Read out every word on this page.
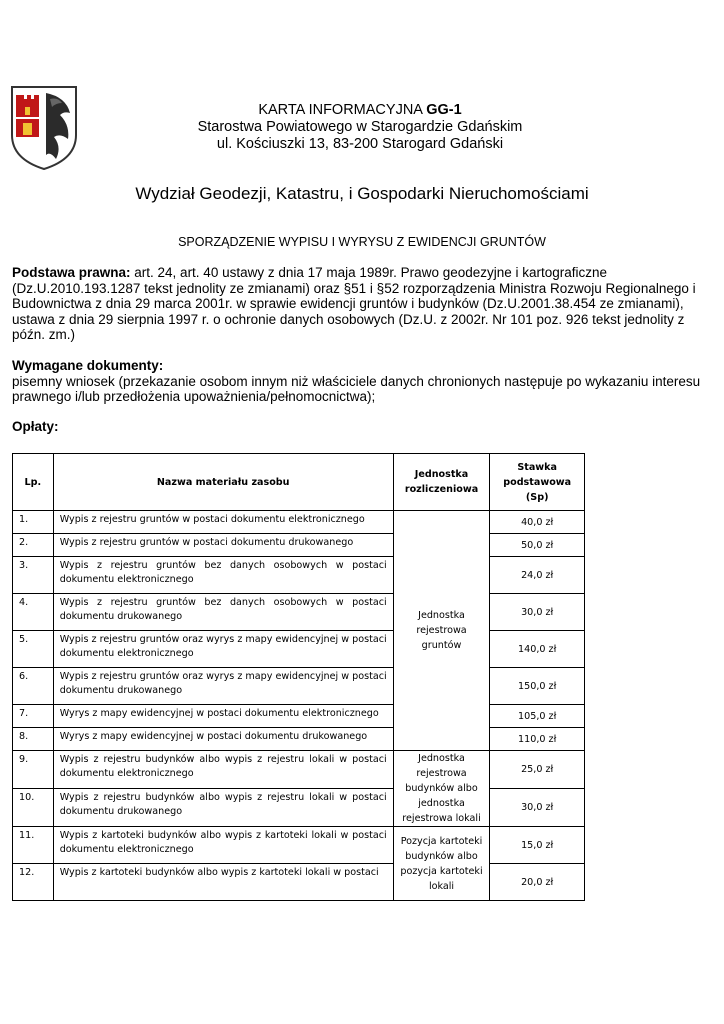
KARTA INFORMACYJNA GG-1
Starostwa Powiatowego w Starogardzie Gdańskim
ul. Kościuszki 13, 83-200 Starogard Gdański
Wydział Geodezji, Katastru, i Gospodarki Nieruchomościami
SPORZĄDZENIE WYPISU I WYRYSU Z EWIDENCJI GRUNTÓW
Podstawa prawna: art. 24, art. 40 ustawy z dnia 17 maja 1989r. Prawo geodezyjne i kartograficzne (Dz.U.2010.193.1287 tekst jednolity ze zmianami) oraz §51 i §52 rozporządzenia Ministra Rozwoju Regionalnego i Budownictwa z dnia 29 marca 2001r. w sprawie ewidencji gruntów i budynków (Dz.U.2001.38.454 ze zmianami), ustawa z dnia 29 sierpnia 1997 r. o ochronie danych osobowych (Dz.U. z 2002r. Nr 101 poz. 926 tekst jednolity z późn. zm.)
Wymagane dokumenty:
pisemny wniosek (przekazanie osobom innym niż właściciele danych chronionych następuje po wykazaniu interesu prawnego i/lub przedłożenia upoważnienia/pełnomocnictwa);
Opłaty:
Lp.	Nazwa materiału zasobu	Jednostka rozliczeniowa	Stawka podstawowa (Sp)
1.	Wypis z rejestru gruntów w postaci dokumentu elektronicznego	Jednostka rejestrowa gruntów	40,0 zł
2.	Wypis z rejestru gruntów w postaci dokumentu drukowanego		50,0 zł
3.	Wypis z rejestru gruntów bez danych osobowych w postaci dokumentu elektronicznego		24,0 zł
4.	Wypis z rejestru gruntów bez danych osobowych w postaci dokumentu drukowanego		30,0 zł
5.	Wypis z rejestru gruntów oraz wyrys z mapy ewidencyjnej w postaci dokumentu elektronicznego		140,0 zł
6.	Wypis z rejestru gruntów oraz wyrys z mapy ewidencyjnej w postaci dokumentu drukowanego		150,0 zł
7.	Wyrys z mapy ewidencyjnej w postaci dokumentu elektronicznego		105,0 zł
8.	Wyrys z mapy ewidencyjnej w postaci dokumentu drukowanego		110,0 zł
9.	Wypis z rejestru budynków albo wypis z rejestru lokali w postaci dokumentu elektronicznego	Jednostka rejestrowa budynków albo jednostka rejestrowa lokali	25,0 zł
10.	Wypis z rejestru budynków albo wypis z rejestru lokali w postaci dokumentu drukowanego		30,0 zł
11.	Wypis z kartoteki budynków albo wypis z kartoteki lokali w postaci dokumentu elektronicznego	Pozycja kartoteki budynków albo pozycja kartoteki lokali	15,0 zł
12.	Wypis z kartoteki budynków albo wypis z kartoteki lokali w postaci		20,0 zł
